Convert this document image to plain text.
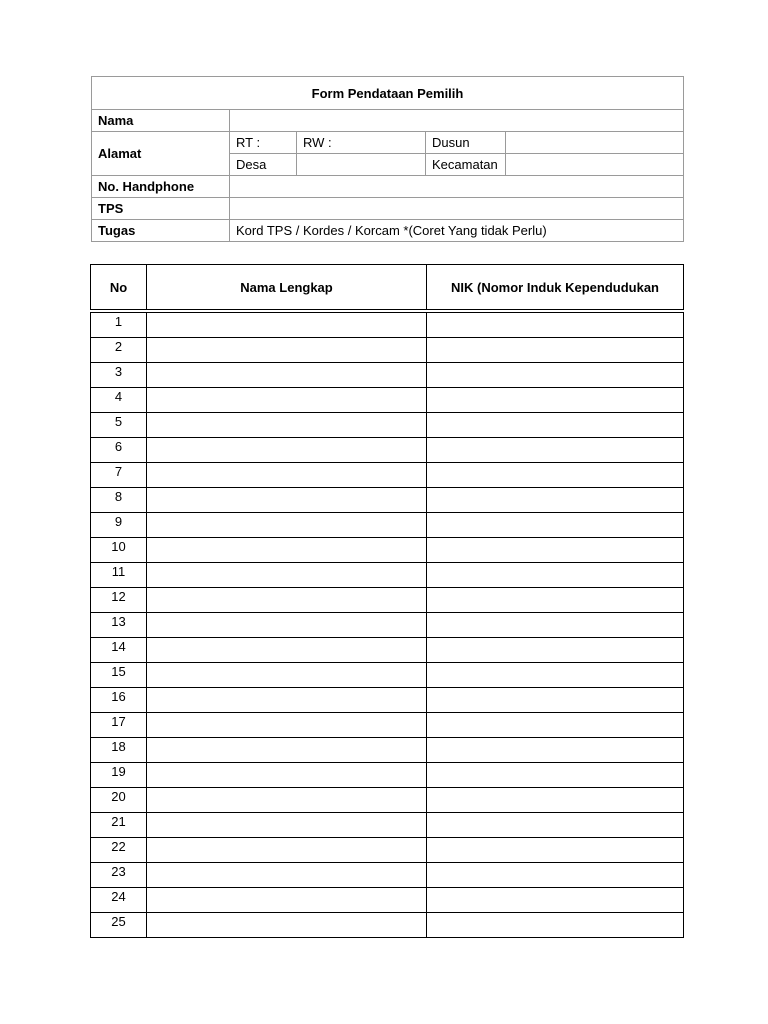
Form Pendataan Pemilih				
Nama				
Alamat	RT :	RW :	Dusun	
	Desa		Kecamatan	
No. Handphone				
TPS				
Tugas	Kord TPS / Kordes / Korcam *(Coret Yang tidak Perlu)			
No	Nama Lengkap	NIK (Nomor Induk Kependudukan
1		
2		
3		
4		
5		
6		
7		
8		
9		
10		
11		
12		
13		
14		
15		
16		
17		
18		
19		
20		
21		
22		
23		
24		
25		
